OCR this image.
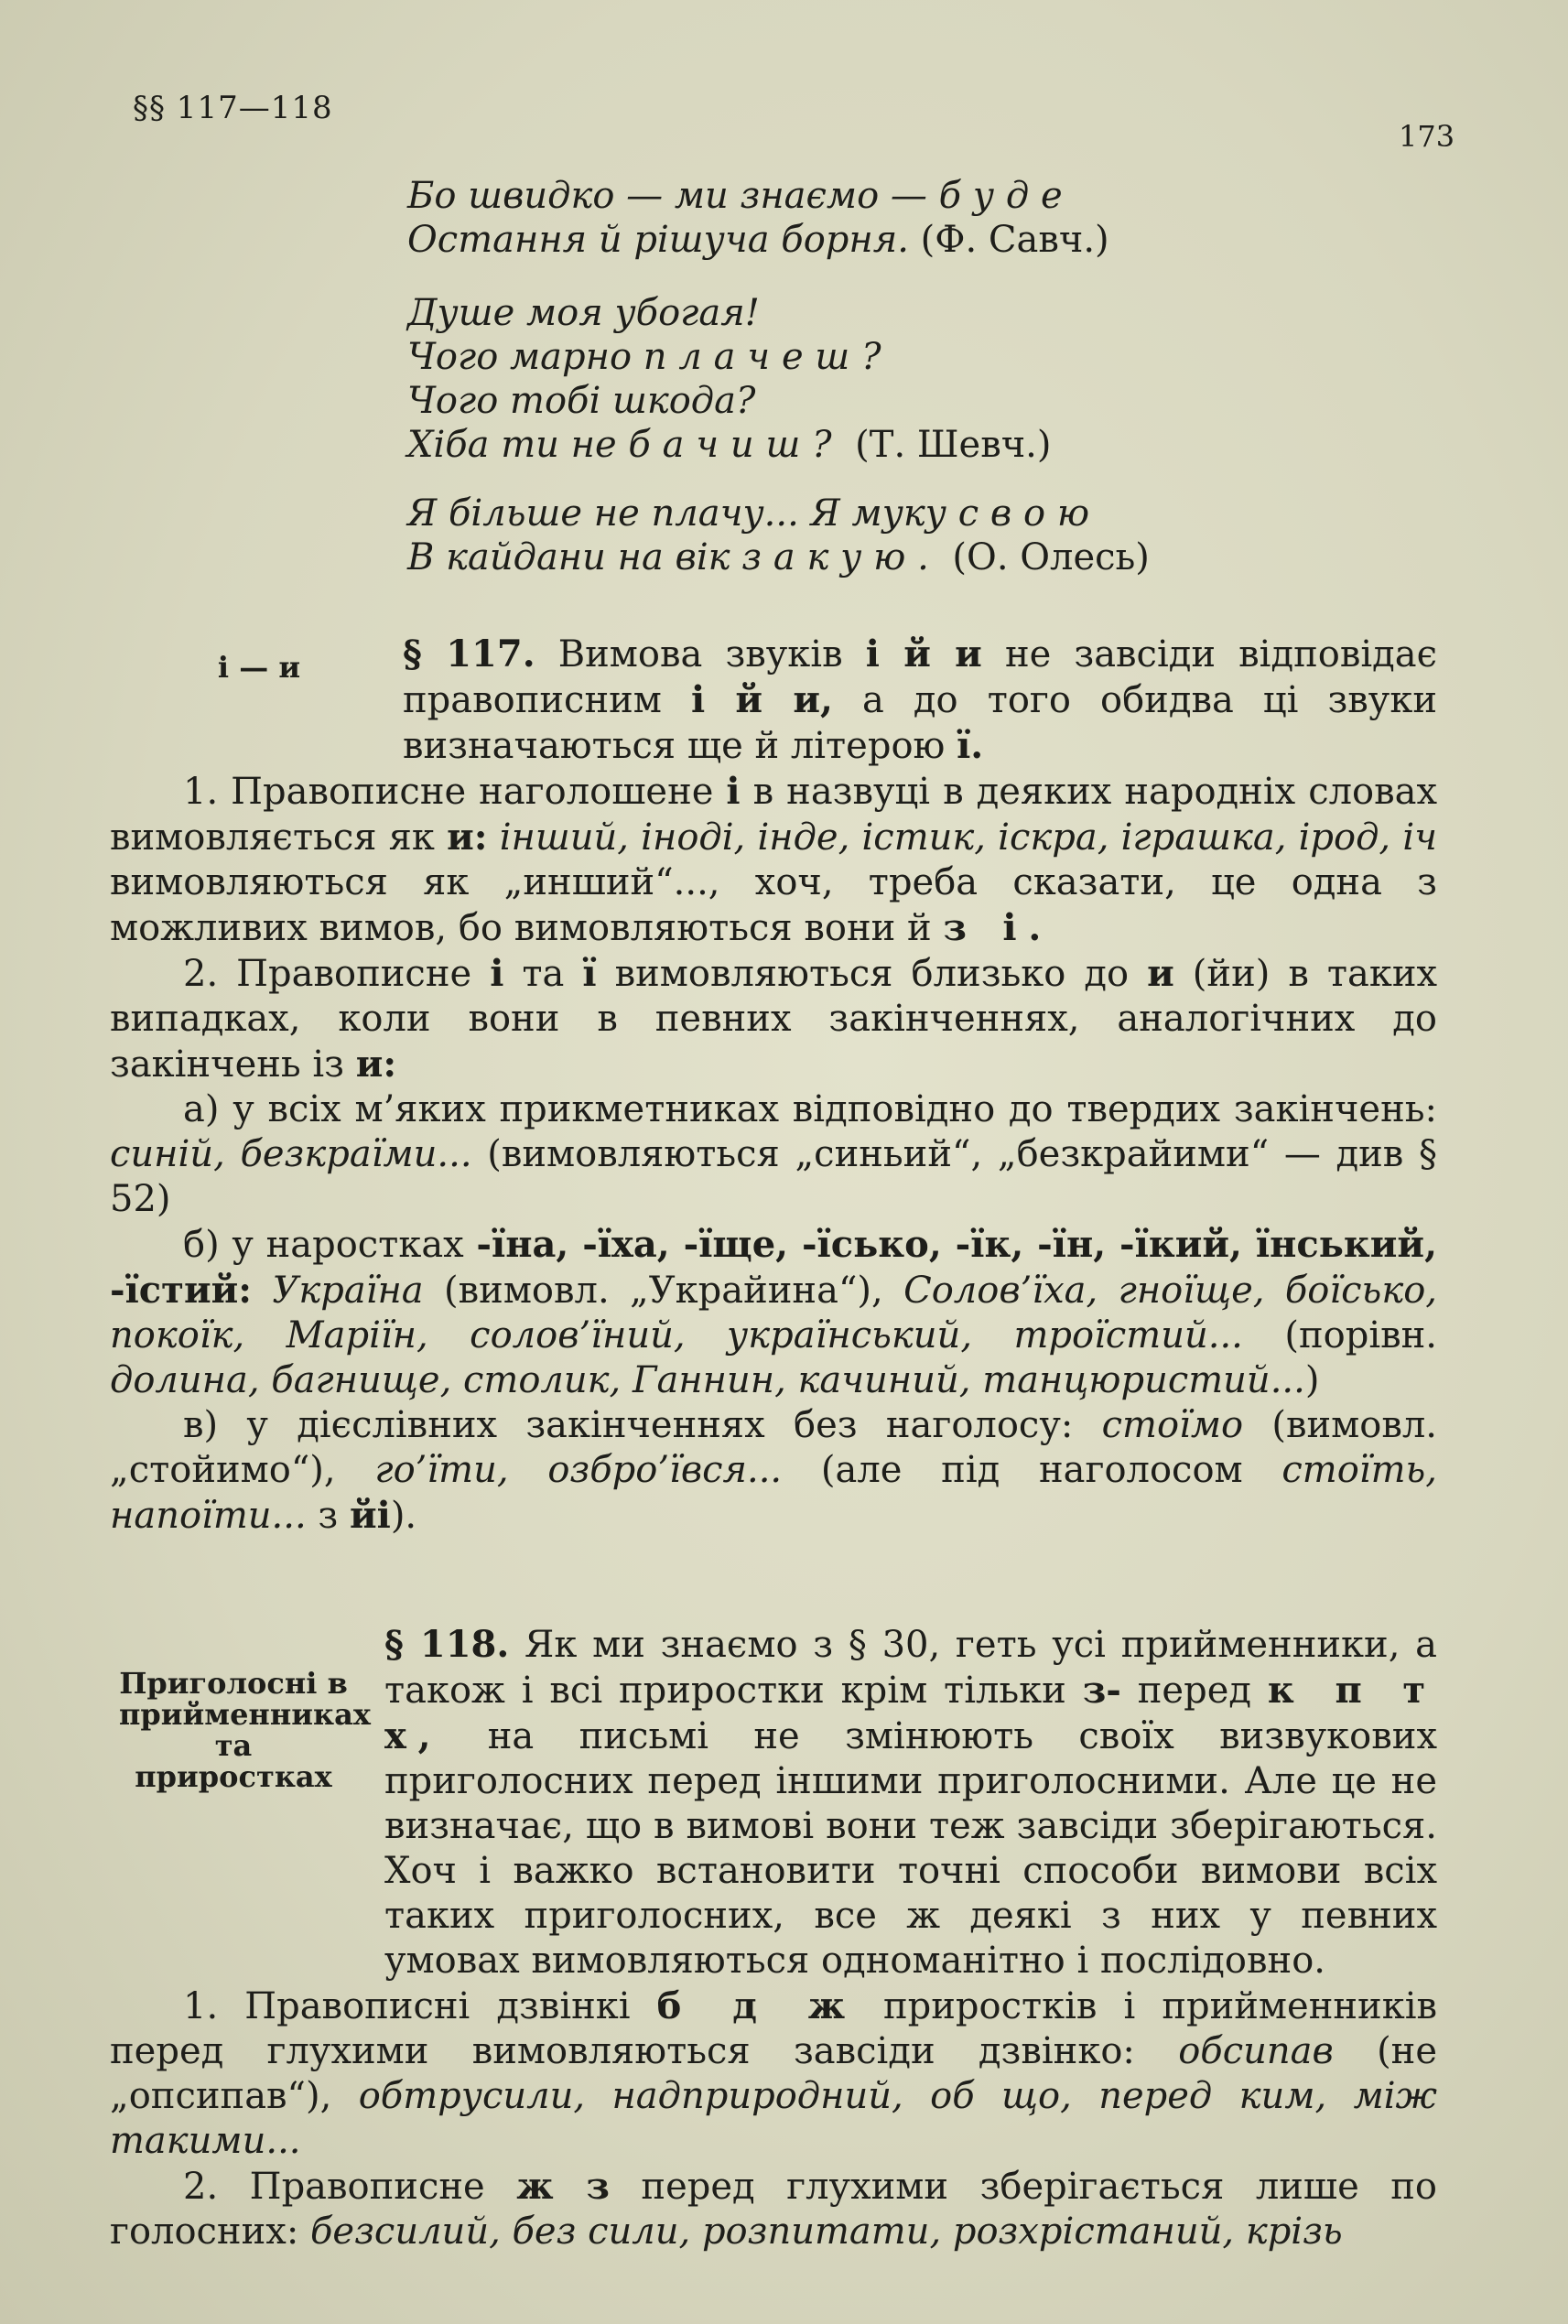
§§ 117—118
173
Бо швидко — ми знаємо — буде
Остання й рішуча борня. (Ф. Савч.)
Душе моя убогая!
Чого марно плачеш?
Чого тобі шкода?
Хіба ти не бачиш? (Т. Шевч.)
Я більше не плачу... Я муку свою
В кайдани на вік закую. (О. Олесь)
і — и	§ 117. Вимова звуків і й и не завсіди відповідає правописним і й и, а до того обидва ці звуки визначаються ще й літерою ї.

1. Правописне наголошене і в назвуці в деяких народніх словах вимовляється як и: інший, іноді, інде, істик, іскра, іграшка, ірод, іч вимовляються як „инший“..., хоч, треба сказати, це одна з можливих вимов, бо вимовляються вони й з і.

2. Правописне і та ї вимовляються близько до и (йи) в таких випадках, коли вони в певних закінченнях, аналогічних до закінчень із и:

а) у всіх м’яких прикметниках відповідно до твердих закінчень: синій, безкраїми... (вимовляються „синьий“, „безкрайими“ — див § 52)

б) у наростках -їна, -їха, -їще, -їсько, -їк, -їн, -їкий, їнський, -їстий: Україна (вимовл. „Украйина“), Солов’їха, гноїще, боїсько, покоїк, Маріїн, солов’їний, український, троїстий... (порівн. долина, багнище, столик, Ганнин, качиний, танцюристий...)

в) у дієслівних закінченнях без наголосу: стоїмо (вимовл. „стойимо“), го’їти, озбро’ївся... (але під наголосом стоїть, напоїти... з йі).

Приголосні в прийменниках та приростках

§ 118. Як ми знаємо з § 30, геть усі прийменники, а також і всі приростки крім тільки з- перед к п т х, на письмі не змінюють своїх визвукових приголосних перед іншими приголосними. Але це не визначає, що в вимові вони теж завсіди зберігаються. Хоч і важко встановити точні способи вимови всіх таких приголосних, все ж деякі з них у певних умовах вимовляються одноманітно і послідовно.

1. Правописні дзвінкі б д ж приростків і прийменників перед глухими вимовляються завсіди дзвінко: обсипав (не „опсипав“), обтрусили, надприродний, об що, перед ким, між такими...

2. Правописне ж з перед глухими зберігається лише по голосних: безсилий, без сили, розпитати, розхрістаний, крізь
